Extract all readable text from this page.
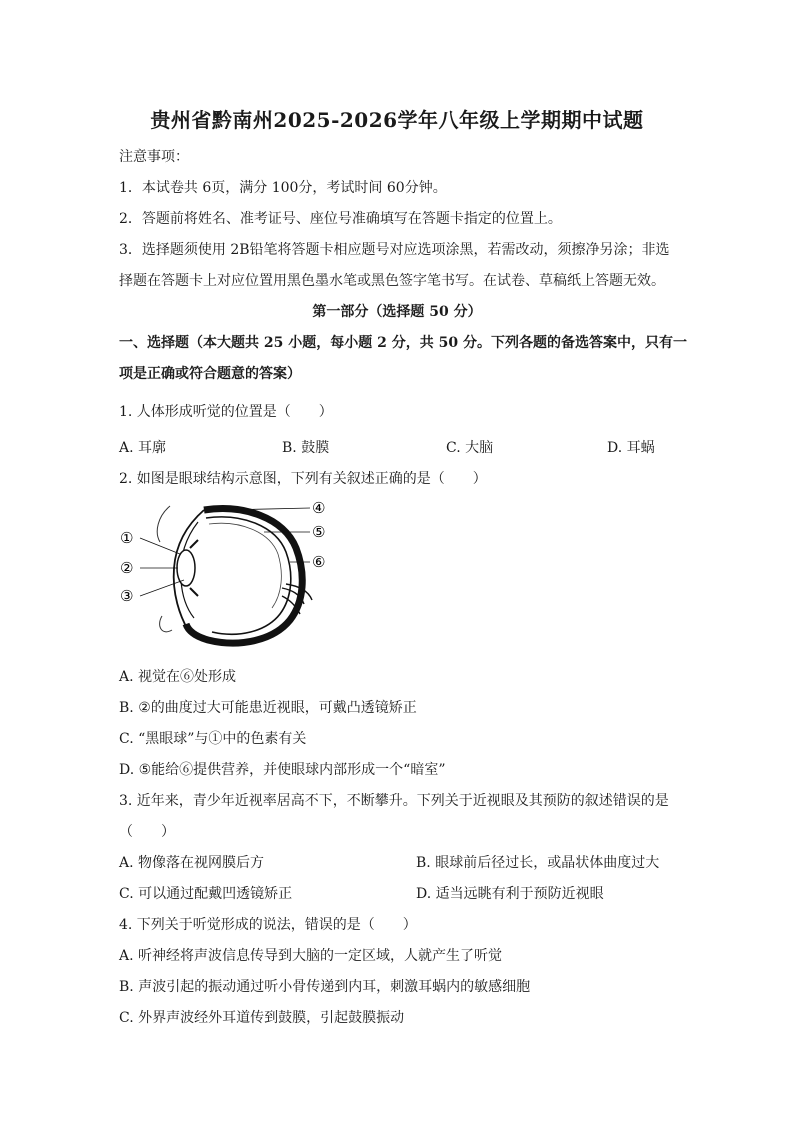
贵州省黔南州2025-2026学年八年级上学期期中试题
注意事项：
1．本试卷共 6页，满分 100分，考试时间 60分钟。
2．答题前将姓名、准考证号、座位号准确填写在答题卡指定的位置上。
3．选择题须使用 2B铅笔将答题卡相应题号对应选项涂黑，若需改动，须擦净另涂；非选
择题在答题卡上对应位置用黑色墨水笔或黑色签字笔书写。在试卷、草稿纸上答题无效。
第一部分（选择题 50 分）
一、选择题（本大题共 25 小题，每小题 2 分，共 50 分。下列各题的备选答案中，只有一
项是正确或符合题意的答案）
1. 人体形成听觉的位置是（　　）
A. 耳廓	B. 鼓膜	C. 大脑	D. 耳蜗
2. 如图是眼球结构示意图，下列有关叙述正确的是（　　）
①
②
③
④
⑤
⑥
A. 视觉在⑥处形成
B. ②的曲度过大可能患近视眼，可戴凸透镜矫正
C. “黑眼球”与①中的色素有关
D. ⑤能给⑥提供营养，并使眼球内部形成一个“暗室”
3. 近年来，青少年近视率居高不下，不断攀升。下列关于近视眼及其预防的叙述错误的是
（　　）
A. 物像落在视网膜后方	B. 眼球前后径过长，或晶状体曲度过大
C. 可以通过配戴凹透镜矫正	D. 适当远眺有利于预防近视眼
4. 下列关于听觉形成的说法，错误的是（　　）
A. 听神经将声波信息传导到大脑的一定区域，人就产生了听觉
B. 声波引起的振动通过听小骨传递到内耳，刺激耳蜗内的敏感细胞
C. 外界声波经外耳道传到鼓膜，引起鼓膜振动
